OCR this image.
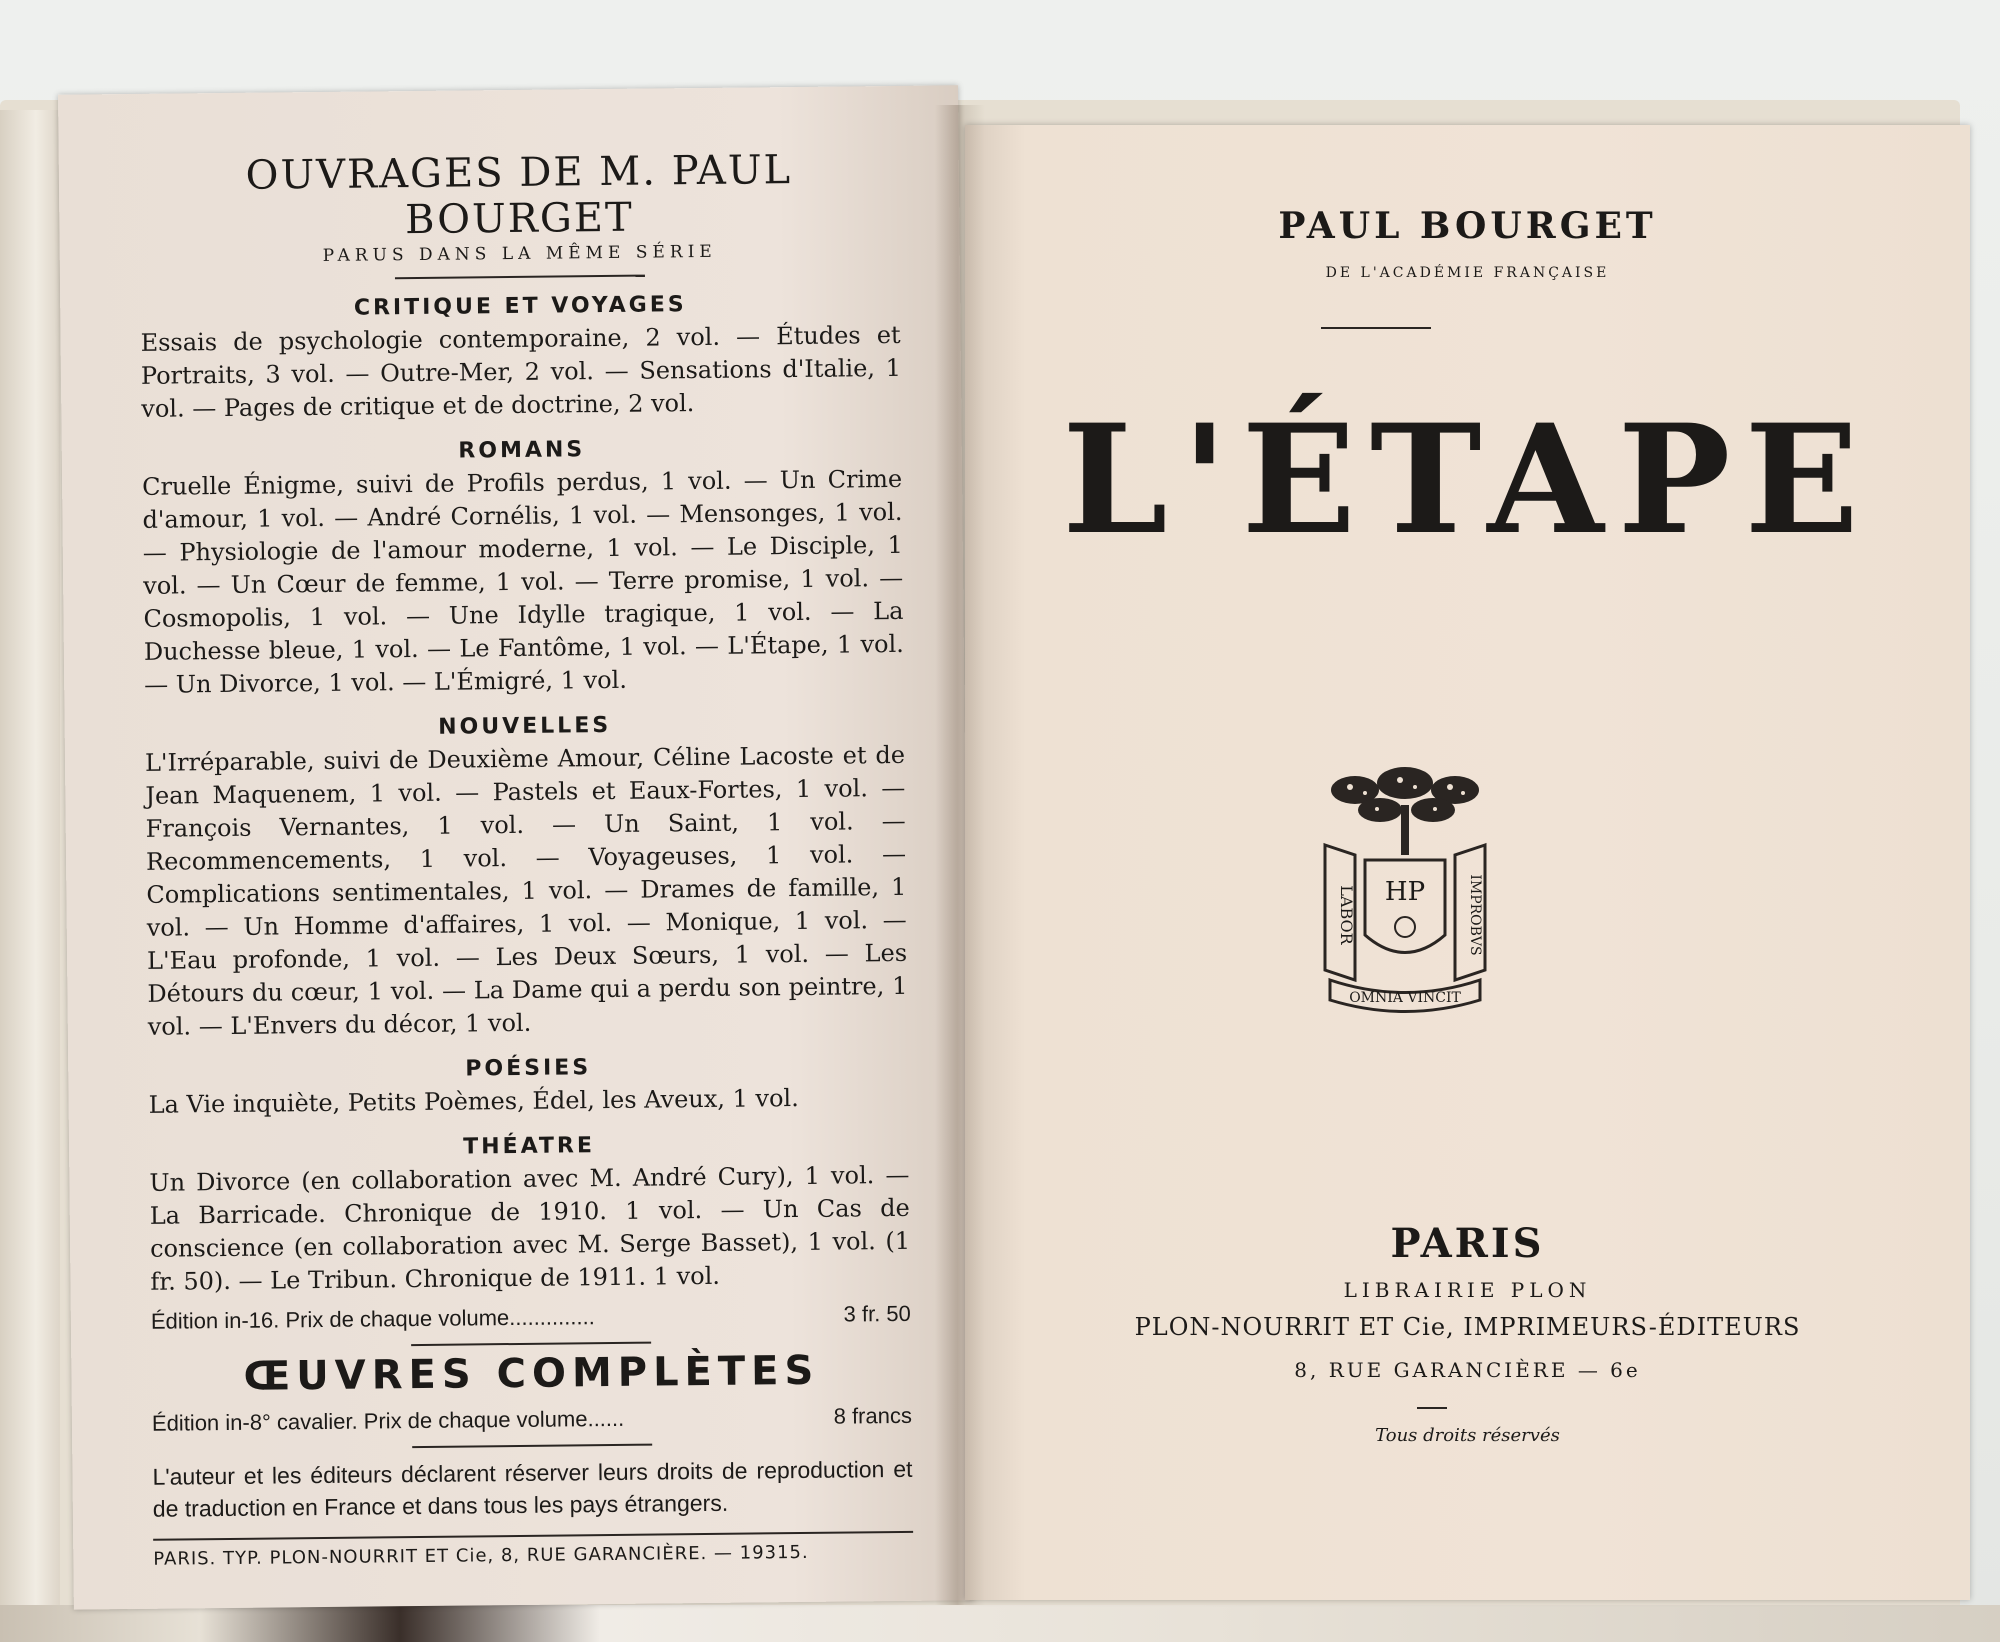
OUVRAGES DE M. PAUL BOURGET
PARUS DANS LA MÊME SÉRIE
CRITIQUE ET VOYAGES
Essais de psychologie contemporaine, 2 vol. — Études et Portraits, 3 vol. — Outre-Mer, 2 vol. — Sensations d'Italie, 1 vol. — Pages de critique et de doctrine, 2 vol.
ROMANS
Cruelle Énigme, suivi de Profils perdus, 1 vol. — Un Crime d'amour, 1 vol. — André Cornélis, 1 vol. — Mensonges, 1 vol. — Physiologie de l'amour moderne, 1 vol. — Le Disciple, 1 vol. — Un Cœur de femme, 1 vol. — Terre promise, 1 vol. — Cosmopolis, 1 vol. — Une Idylle tragique, 1 vol. — La Duchesse bleue, 1 vol. — Le Fantôme, 1 vol. — L'Étape, 1 vol. — Un Divorce, 1 vol. — L'Émigré, 1 vol.
NOUVELLES
L'Irréparable, suivi de Deuxième Amour, Céline Lacoste et de Jean Maquenem, 1 vol. — Pastels et Eaux-Fortes, 1 vol. — François Vernantes, 1 vol. — Un Saint, 1 vol. — Recommencements, 1 vol. — Voyageuses, 1 vol. — Complications sentimentales, 1 vol. — Drames de famille, 1 vol. — Un Homme d'affaires, 1 vol. — Monique, 1 vol. — L'Eau profonde, 1 vol. — Les Deux Sœurs, 1 vol. — Les Détours du cœur, 1 vol. — La Dame qui a perdu son peintre, 1 vol. — L'Envers du décor, 1 vol.
POÉSIES
La Vie inquiète, Petits Poèmes, Édel, les Aveux, 1 vol.
THÉATRE
Un Divorce (en collaboration avec M. André Cury), 1 vol. — La Barricade. Chronique de 1910. 1 vol. — Un Cas de conscience (en collaboration avec M. Serge Basset), 1 vol. (1 fr. 50). — Le Tribun. Chronique de 1911. 1 vol.
Édition in-16. Prix de chaque volume..............	3 fr. 50
ŒUVRES COMPLÈTES
Édition in-8° cavalier. Prix de chaque volume......	8 francs
L'auteur et les éditeurs déclarent réserver leurs droits de reproduction et de traduction en France et dans tous les pays étrangers.
PARIS. TYP. PLON-NOURRIT ET Cie, 8, RUE GARANCIÈRE. — 19315.
PAUL BOURGET
DE L'ACADÉMIE FRANÇAISE
L'ÉTAPE
HP
LABOR	IMPROBVS
OMNIA VINCIT
PARIS
LIBRAIRIE PLON
PLON-NOURRIT ET Cie, IMPRIMEURS-ÉDITEURS
8, RUE GARANCIÈRE — 6e
Tous droits réservés
